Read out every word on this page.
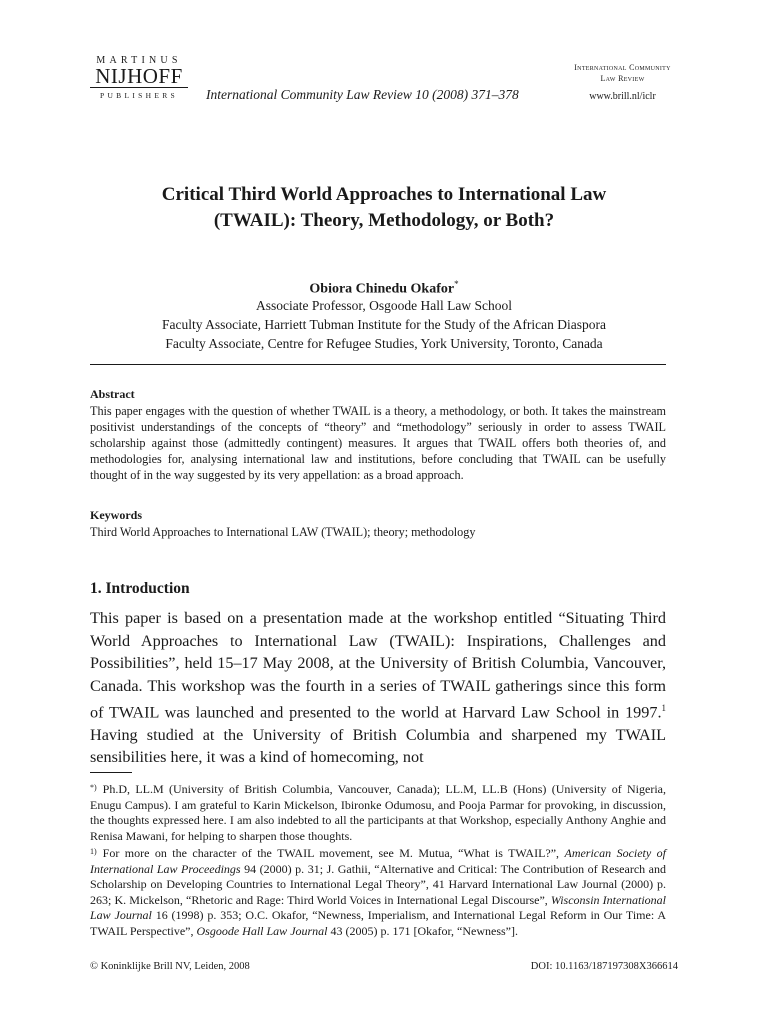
MARTINUS
NIJHOFF
PUBLISHERS	International Community Law Review 10 (2008) 371–378
International Community
Law Review
www.brill.nl/iclr
Critical Third World Approaches to International Law
(TWAIL): Theory, Methodology, or Both?
Obiora Chinedu Okafor*
Associate Professor, Osgoode Hall Law School
Faculty Associate, Harriett Tubman Institute for the Study of the African Diaspora
Faculty Associate, Centre for Refugee Studies, York University, Toronto, Canada
Abstract
This paper engages with the question of whether TWAIL is a theory, a methodology, or both. It takes the mainstream positivist understandings of the concepts of “theory” and “methodology” seriously in order to assess TWAIL scholarship against those (admittedly contingent) measures. It argues that TWAIL offers both theories of, and methodologies for, analysing international law and institutions, before concluding that TWAIL can be usefully thought of in the way suggested by its very appellation: as a broad approach.
Keywords
Third World Approaches to International LAW (TWAIL); theory; methodology
1. Introduction
This paper is based on a presentation made at the workshop entitled “Situating Third World Approaches to International Law (TWAIL): Inspirations, Challenges and Possibilities”, held 15–17 May 2008, at the University of British Columbia, Vancouver, Canada. This workshop was the fourth in a series of TWAIL gatherings since this form of TWAIL was launched and presented to the world at Harvard Law School in 1997.$^1$ Having studied at the University of British Columbia and sharpened my TWAIL sensibilities here, it was a kind of homecoming, not

*) Ph.D, LL.M (University of British Columbia, Vancouver, Canada); LL.M, LL.B (Hons) (University of Nigeria, Enugu Campus). I am grateful to Karin Mickelson, Ibironke Odumosu, and Pooja Parmar for provoking, in discussion, the thoughts expressed here. I am also indebted to all the participants at that Workshop, especially Anthony Anghie and Renisa Mawani, for helping to sharpen those thoughts.

$^{1)}$ For more on the character of the TWAIL movement, see M. Mutua, “What is TWAIL?”, American Society of International Law Proceedings 94 (2000) p. 31; J. Gathii, “Alternative and Critical: The Contribution of Research and Scholarship on Developing Countries to International Legal Theory”, 41 Harvard International Law Journal (2000) p. 263; K. Mickelson, “Rhetoric and Rage: Third World Voices in International Legal Discourse”, Wisconsin International Law Journal 16 (1998) p. 353; O.C. Okafor, “Newness, Imperialism, and International Legal Reform in Our Time: A TWAIL Perspective”, Osgoode Hall Law Journal 43 (2005) p. 171 [Okafor, “Newness”].

© Koninklijke Brill NV, Leiden, 2008	DOI: 10.1163/187197308X366614
